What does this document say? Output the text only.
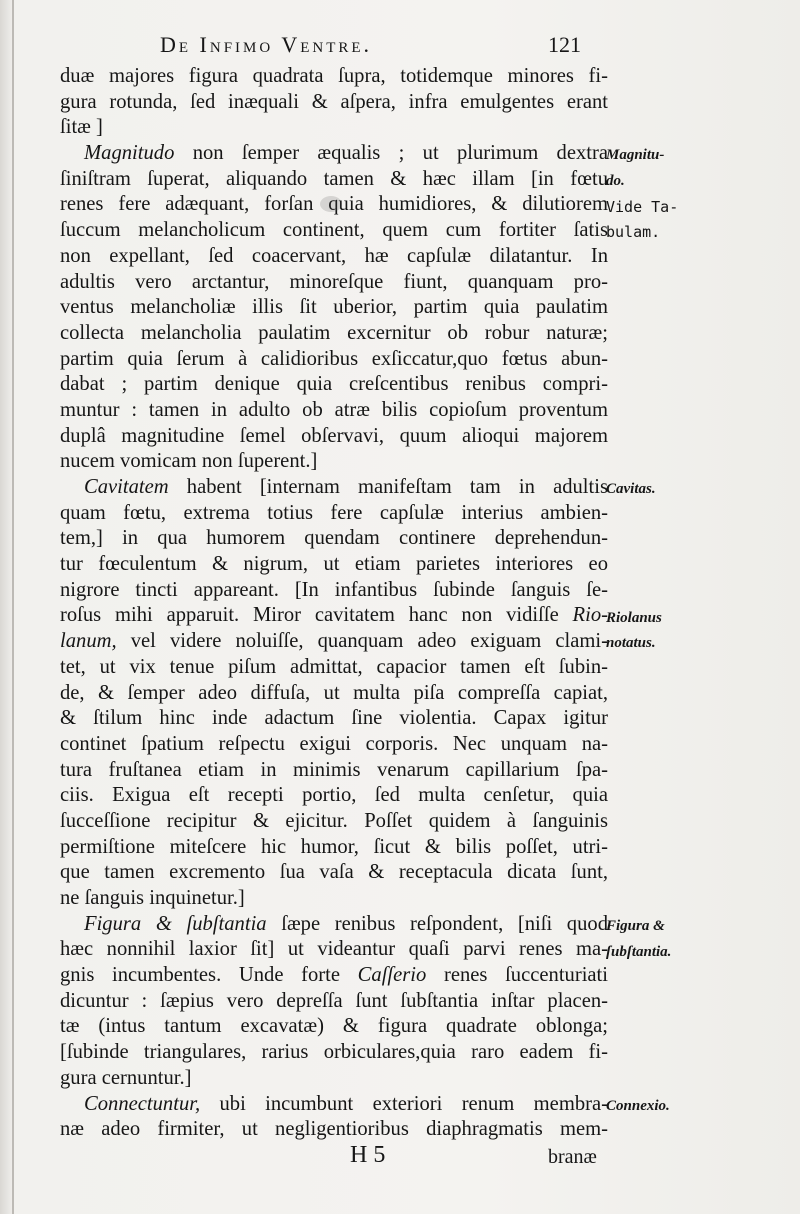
De Infimo Ventre.	121
duæ majores figura quadrata ſupra, totidemque minores fi-
gura rotunda, ſed inæquali & aſpera, infra emulgentes erant
ſitæ ]
Magnitudo non ſemper æqualis ; ut plurimum dextra
ſiniſtram ſuperat, aliquando tamen & hæc illam [in fœtu
renes fere adæquant, forſan quia humidiores, & dilutiorem
ſuccum melancholicum continent, quem cum fortiter ſatis
non expellant, ſed coacervant, hæ capſulæ dilatantur. In
adultis vero arctantur, minoreſque fiunt, quanquam pro-
ventus melancholiæ illis ſit uberior, partim quia paulatim
collecta melancholia paulatim excernitur ob robur naturæ;
partim quia ſerum à calidioribus exſiccatur,quo fœtus abun-
dabat ; partim denique quia creſcentibus renibus compri-
muntur : tamen in adulto ob atræ bilis copioſum proventum
duplâ magnitudine ſemel obſervavi, quum alioqui majorem
nucem vomicam non ſuperent.]
Cavitatem habent [internam manifeſtam tam in adultis
quam fœtu, extrema totius fere capſulæ interius ambien-
tem,] in qua humorem quendam continere deprehendun-
tur fœculentum & nigrum, ut etiam parietes interiores eo
nigrore tincti appareant. [In infantibus ſubinde ſanguis ſe-
roſus mihi apparuit. Miror cavitatem hanc non vidiſſe Rio-
lanum, vel videre noluiſſe, quanquam adeo exiguam clami-
tet, ut vix tenue piſum admittat, capacior tamen eſt ſubin-
de, & ſemper adeo diffuſa, ut multa piſa compreſſa capiat,
& ſtilum hinc inde adactum ſine violentia. Capax igitur
continet ſpatium reſpectu exigui corporis. Nec unquam na-
tura fruſtanea etiam in minimis venarum capillarium ſpa-
ciis. Exigua eſt recepti portio, ſed multa cenſetur, quia
ſucceſſione recipitur & ejicitur. Poſſet quidem à ſanguinis
permiſtione miteſcere hic humor, ſicut & bilis poſſet, utri-
que tamen excremento ſua vaſa & receptacula dicata ſunt,
ne ſanguis inquinetur.]
Figura & ſubſtantia ſæpe renibus reſpondent, [niſi quod
hæc nonnihil laxior ſit] ut videantur quaſi parvi renes ma-
gnis incumbentes. Unde forte Caſſerio renes ſuccenturiati
dicuntur : ſæpius vero depreſſa ſunt ſubſtantia inſtar placen-
tæ (intus tantum excavatæ) & figura quadrate oblonga;
[ſubinde triangulares, rarius orbiculares,quia raro eadem fi-
gura cernuntur.]
Connectuntur, ubi incumbunt exteriori renum membra-
næ adeo firmiter, ut negligentioribus diaphragmatis mem-
Magnitu-
do.
Vide Ta-
bulam.
Cavitas.
Riolanus
notatus.
Figura &
ſubſtantia.
Connexio.
H 5	branæ
